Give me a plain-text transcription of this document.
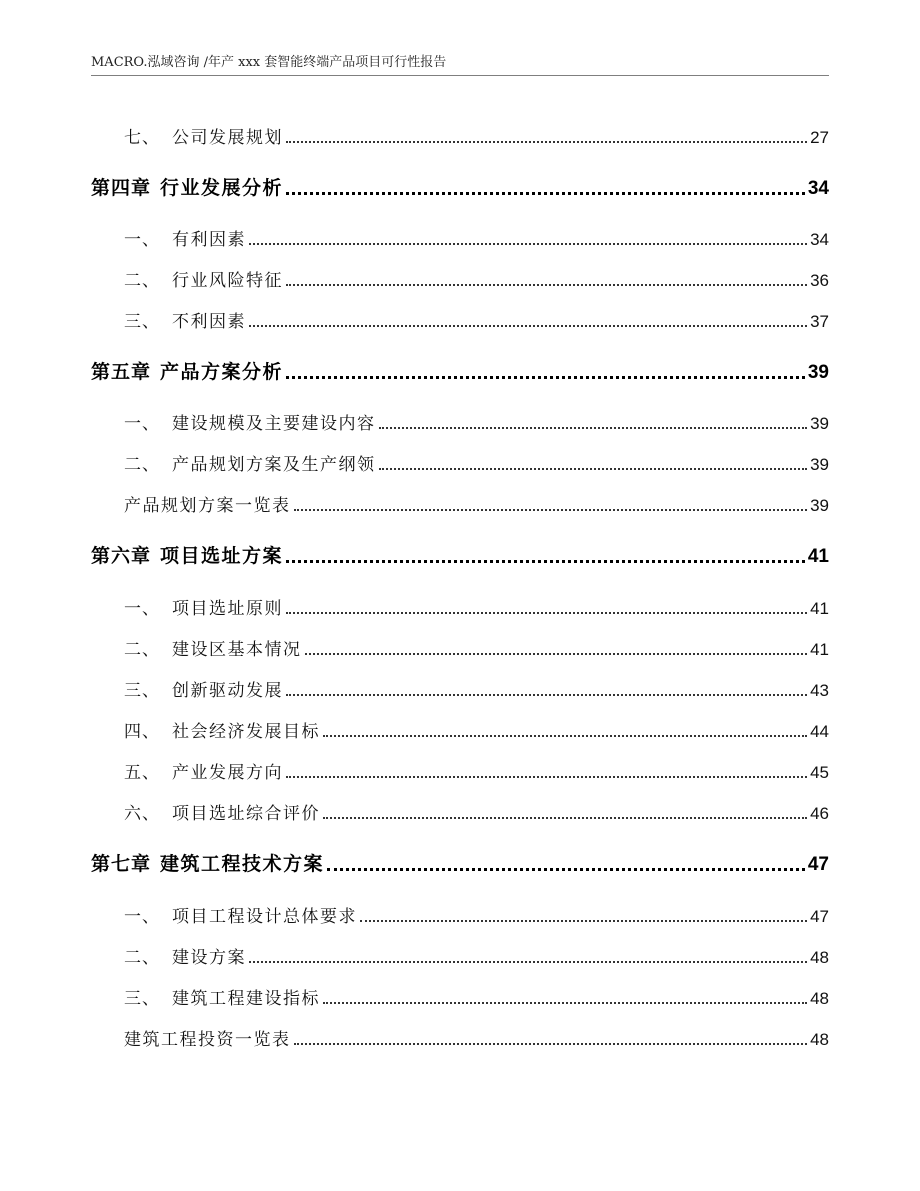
MACRO.泓域咨询 /年产 xxx 套智能终端产品项目可行性报告
七、 公司发展规划	27
第四章 行业发展分析	34
一、 有利因素	34
二、 行业风险特征	36
三、 不利因素	37
第五章 产品方案分析	39
一、 建设规模及主要建设内容	39
二、 产品规划方案及生产纲领	39
产品规划方案一览表	39
第六章 项目选址方案	41
一、 项目选址原则	41
二、 建设区基本情况	41
三、 创新驱动发展	43
四、 社会经济发展目标	44
五、 产业发展方向	45
六、 项目选址综合评价	46
第七章 建筑工程技术方案	47
一、 项目工程设计总体要求	47
二、 建设方案	48
三、 建筑工程建设指标	48
建筑工程投资一览表	48
